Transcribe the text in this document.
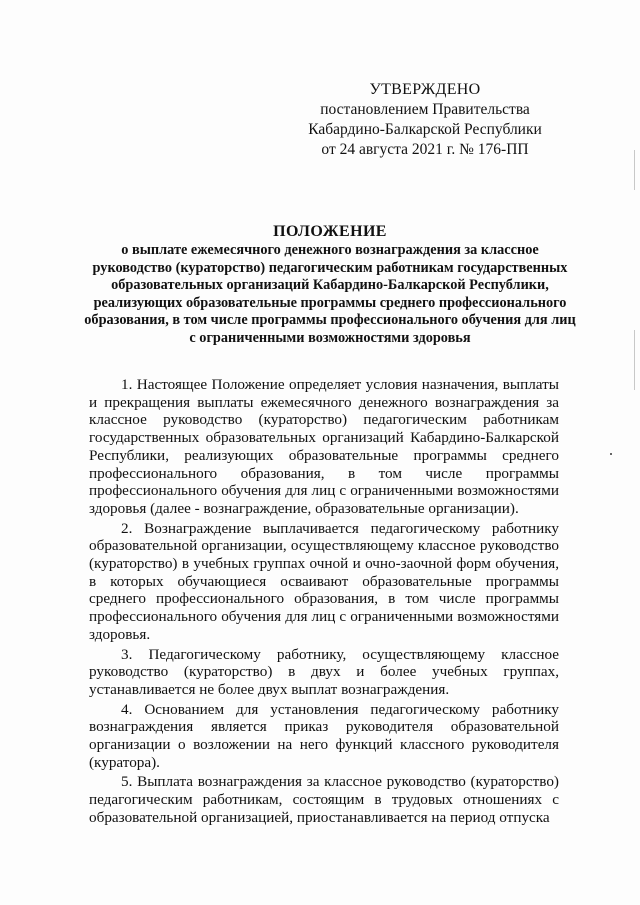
УТВЕРЖДЕНО
постановлением Правительства
Кабардино-Балкарской Республики
от 24 августа 2021 г. № 176-ПП
ПОЛОЖЕНИЕ
о выплате ежемесячного денежного вознаграждения за классное руководство (кураторство) педагогическим работникам государственных образовательных организаций Кабардино-Балкарской Республики, реализующих образовательные программы среднего профессионального образования, в том числе программы профессионального обучения для лиц с ограниченными возможностями здоровья

1. Настоящее Положение определяет условия назначения, выплаты и прекращения выплаты ежемесячного денежного вознаграждения за классное руководство (кураторство) педагогическим работникам государственных образовательных организаций Кабардино-Балкарской Республики, реализующих образовательные программы среднего профессионального образования, в том числе программы профессионального обучения для лиц с ограниченными возможностями здоровья (далее - вознаграждение, образовательные организации).

2. Вознаграждение выплачивается педагогическому работнику образовательной организации, осуществляющему классное руководство (кураторство) в учебных группах очной и очно-заочной форм обучения, в которых обучающиеся осваивают образовательные программы среднего профессионального образования, в том числе программы профессионального обучения для лиц с ограниченными возможностями здоровья.

3. Педагогическому работнику, осуществляющему классное руководство (кураторство) в двух и более учебных группах, устанавливается не более двух выплат вознаграждения.

4. Основанием для установления педагогическому работнику вознаграждения является приказ руководителя образовательной организации о возложении на него функций классного руководителя (куратора).

5. Выплата вознаграждения за классное руководство (кураторство) педагогическим работникам, состоящим в трудовых отношениях с образовательной организацией, приостанавливается на период отпуска
